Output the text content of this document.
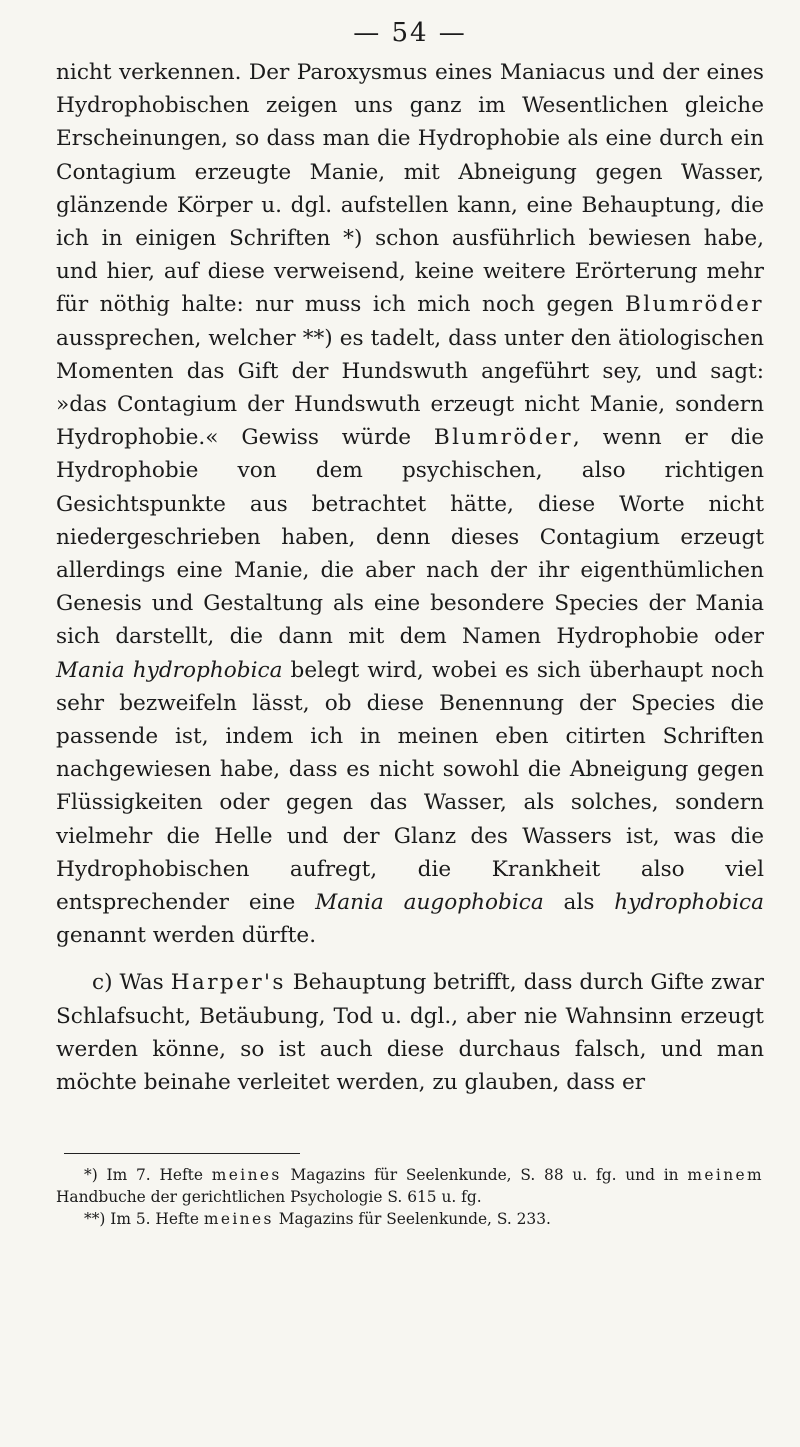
— 54 —

nicht verkennen. Der Paroxysmus eines Maniacus und der eines Hydrophobischen zeigen uns ganz im Wesentlichen gleiche Erscheinungen, so dass man die Hydrophobie als eine durch ein Contagium erzeugte Manie, mit Abneigung gegen Wasser, glänzende Körper u. dgl. aufstellen kann, eine Behauptung, die ich in einigen Schriften *) schon ausführlich bewiesen habe, und hier, auf diese verweisend, keine weitere Erörterung mehr für nöthig halte: nur muss ich mich noch gegen Blumröder aussprechen, welcher **) es tadelt, dass unter den ätiologischen Momenten das Gift der Hundswuth angeführt sey, und sagt: »das Contagium der Hundswuth erzeugt nicht Manie, sondern Hydrophobie.« Gewiss würde Blumröder, wenn er die Hydrophobie von dem psychischen, also richtigen Gesichtspunkte aus betrachtet hätte, diese Worte nicht niedergeschrieben haben, denn dieses Contagium erzeugt allerdings eine Manie, die aber nach der ihr eigenthümlichen Genesis und Gestaltung als eine besondere Species der Mania sich darstellt, die dann mit dem Namen Hydrophobie oder Mania hydrophobica belegt wird, wobei es sich überhaupt noch sehr bezweifeln lässt, ob diese Benennung der Species die passende ist, indem ich in meinen eben citirten Schriften nachgewiesen habe, dass es nicht sowohl die Abneigung gegen Flüssigkeiten oder gegen das Wasser, als solches, sondern vielmehr die Helle und der Glanz des Wassers ist, was die Hydrophobischen aufregt, die Krankheit also viel entsprechender eine Mania augophobica als hydrophobica genannt werden dürfte.

c) Was Harper's Behauptung betrifft, dass durch Gifte zwar Schlafsucht, Betäubung, Tod u. dgl., aber nie Wahnsinn erzeugt werden könne, so ist auch diese durchaus falsch, und man möchte beinahe verleitet werden, zu glauben, dass er

*) Im 7. Hefte meines Magazins für Seelenkunde, S. 88 u. fg. und in meinem Handbuche der gerichtlichen Psychologie S. 615 u. fg.

**) Im 5. Hefte meines Magazins für Seelenkunde, S. 233.
